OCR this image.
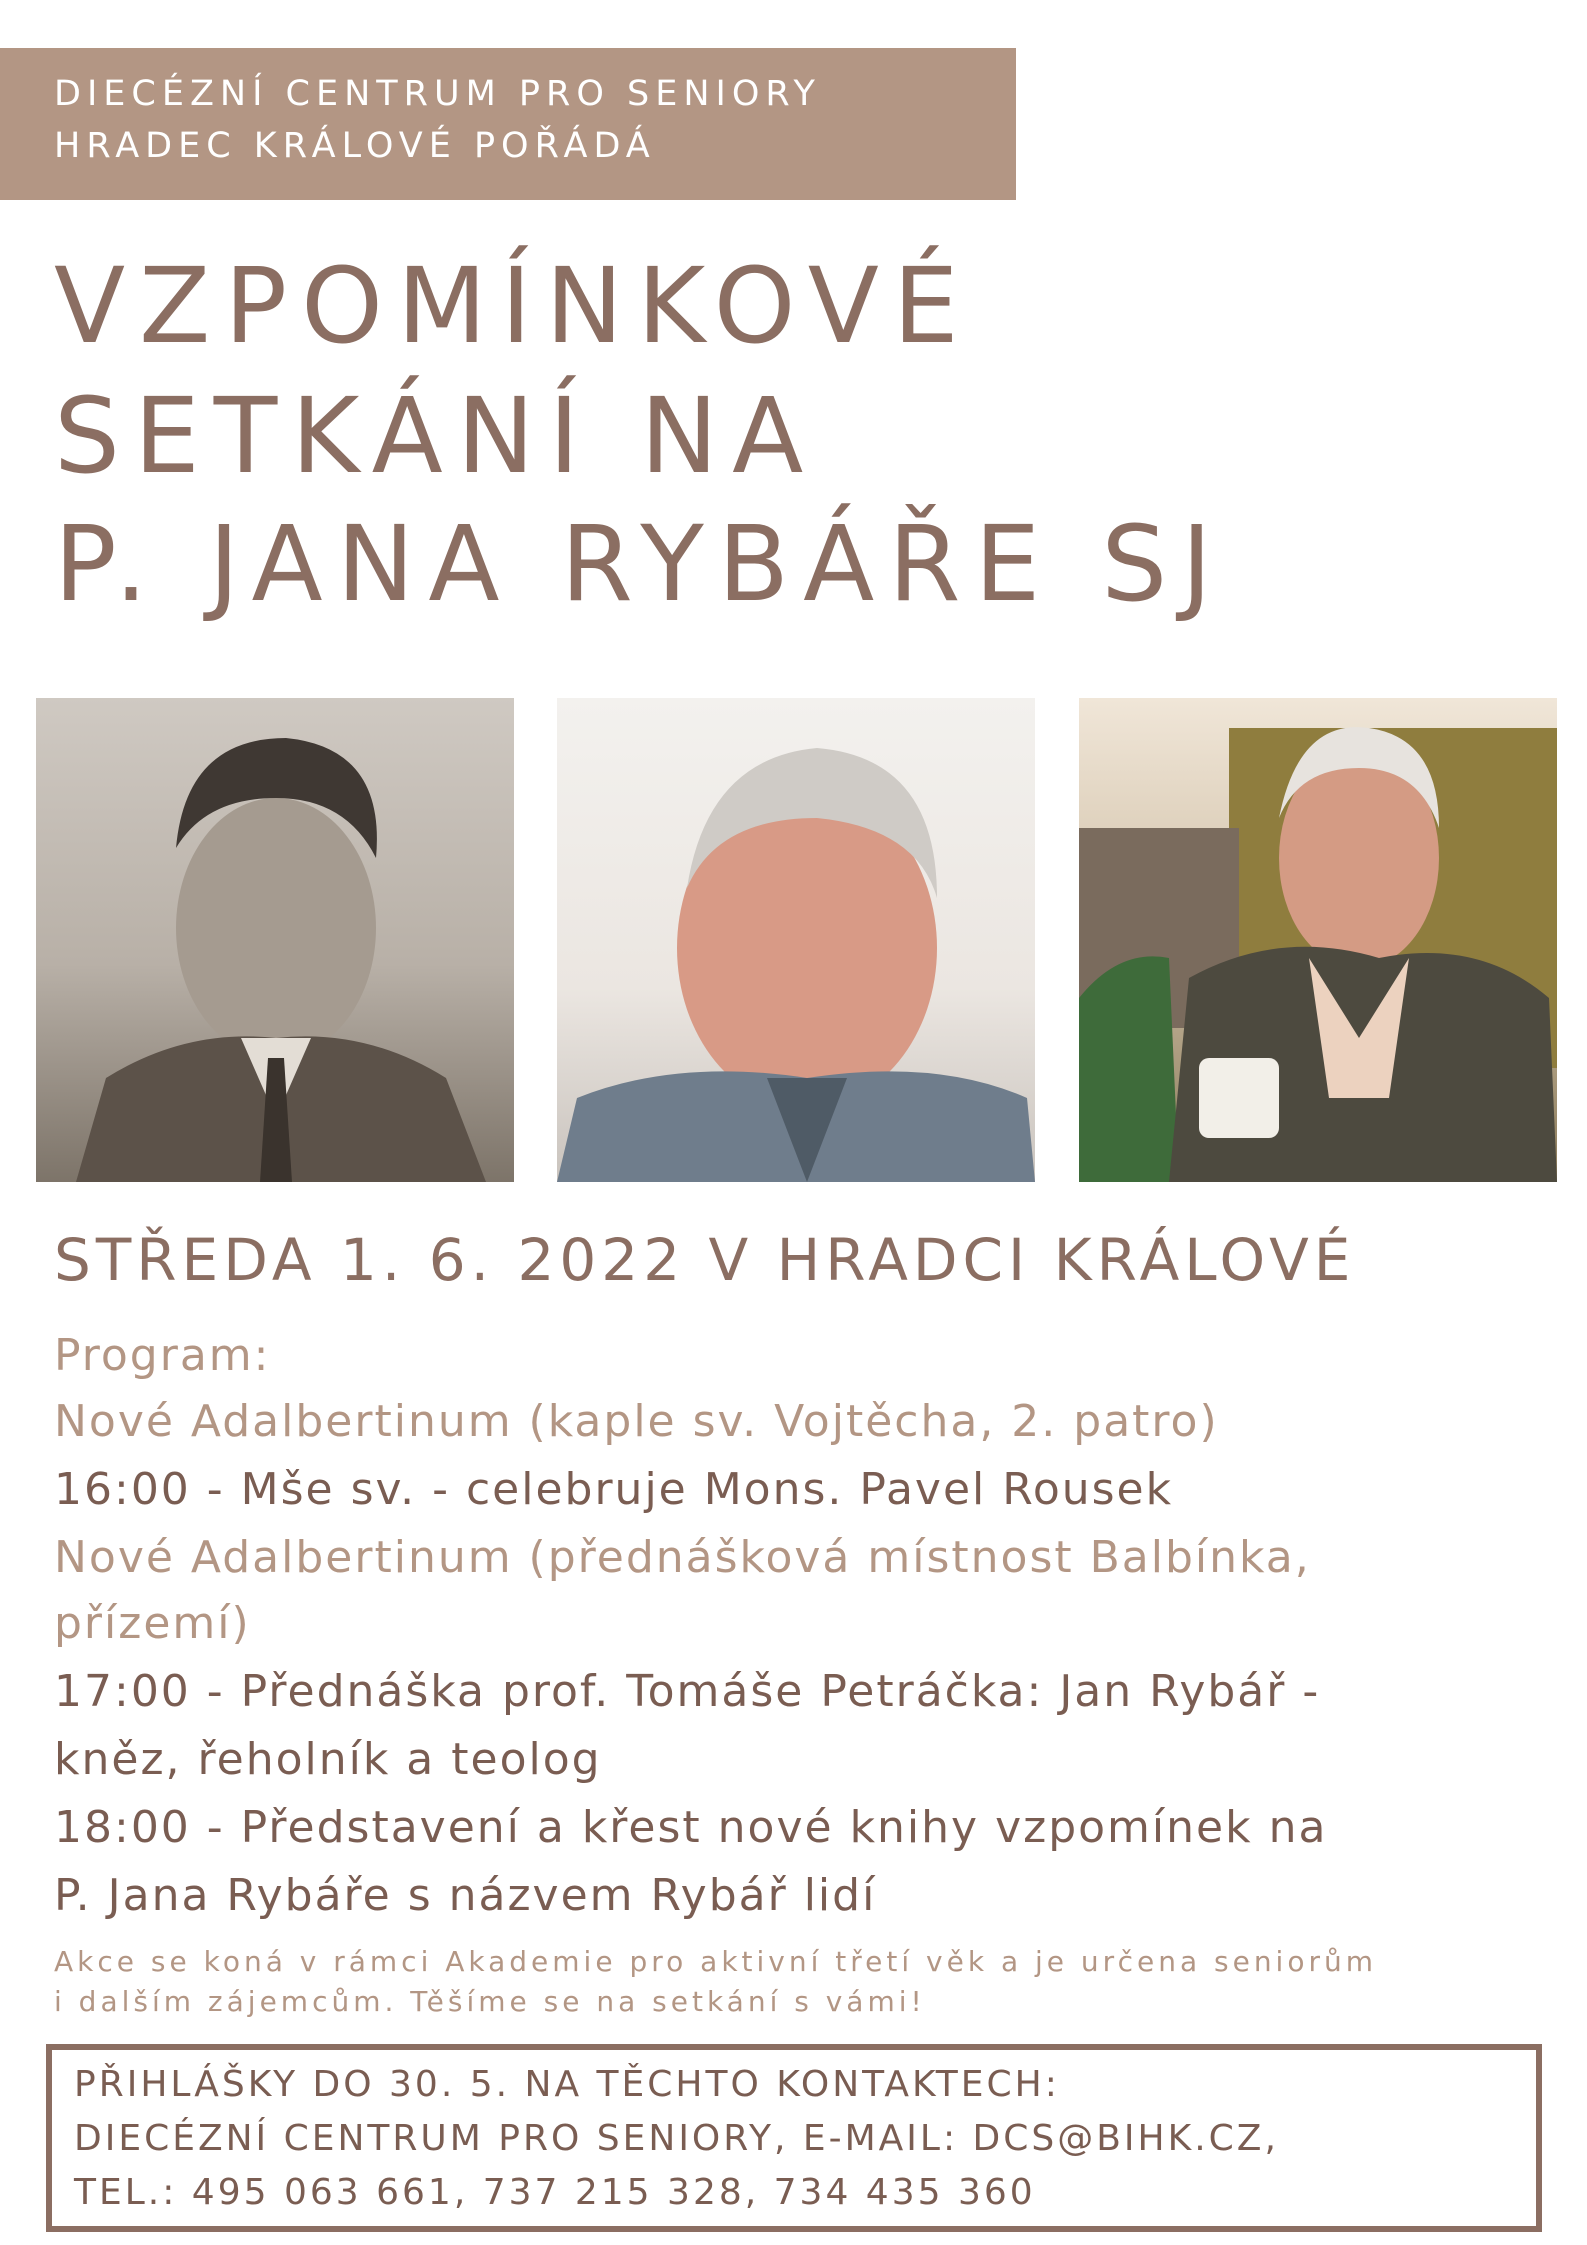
DIECÉZNÍ CENTRUM PRO SENIORY
HRADEC KRÁLOVÉ POŘÁDÁ
VZPOMÍNKOVÉ
SETKÁNÍ NA
P. JANA RYBÁŘE SJ
STŘEDA 1. 6. 2022 V HRADCI KRÁLOVÉ
Program:
Nové Adalbertinum (kaple sv. Vojtěcha, 2. patro)
16:00 - Mše sv. - celebruje Mons. Pavel Rousek
Nové Adalbertinum (přednášková místnost Balbínka,
přízemí)
17:00 - Přednáška prof. Tomáše Petráčka: Jan Rybář -
kněz, řeholník a teolog
18:00 - Představení a křest nové knihy vzpomínek na
P. Jana Rybáře s názvem Rybář lidí
Akce se koná v rámci Akademie pro aktivní třetí věk a je určena seniorům
i dalším zájemcům. Těšíme se na setkání s vámi!
PŘIHLÁŠKY DO 30. 5. NA TĚCHTO KONTAKTECH:
DIECÉZNÍ CENTRUM PRO SENIORY, E-MAIL: DCS@BIHK.CZ,
TEL.: 495 063 661, 737 215 328, 734 435 360
